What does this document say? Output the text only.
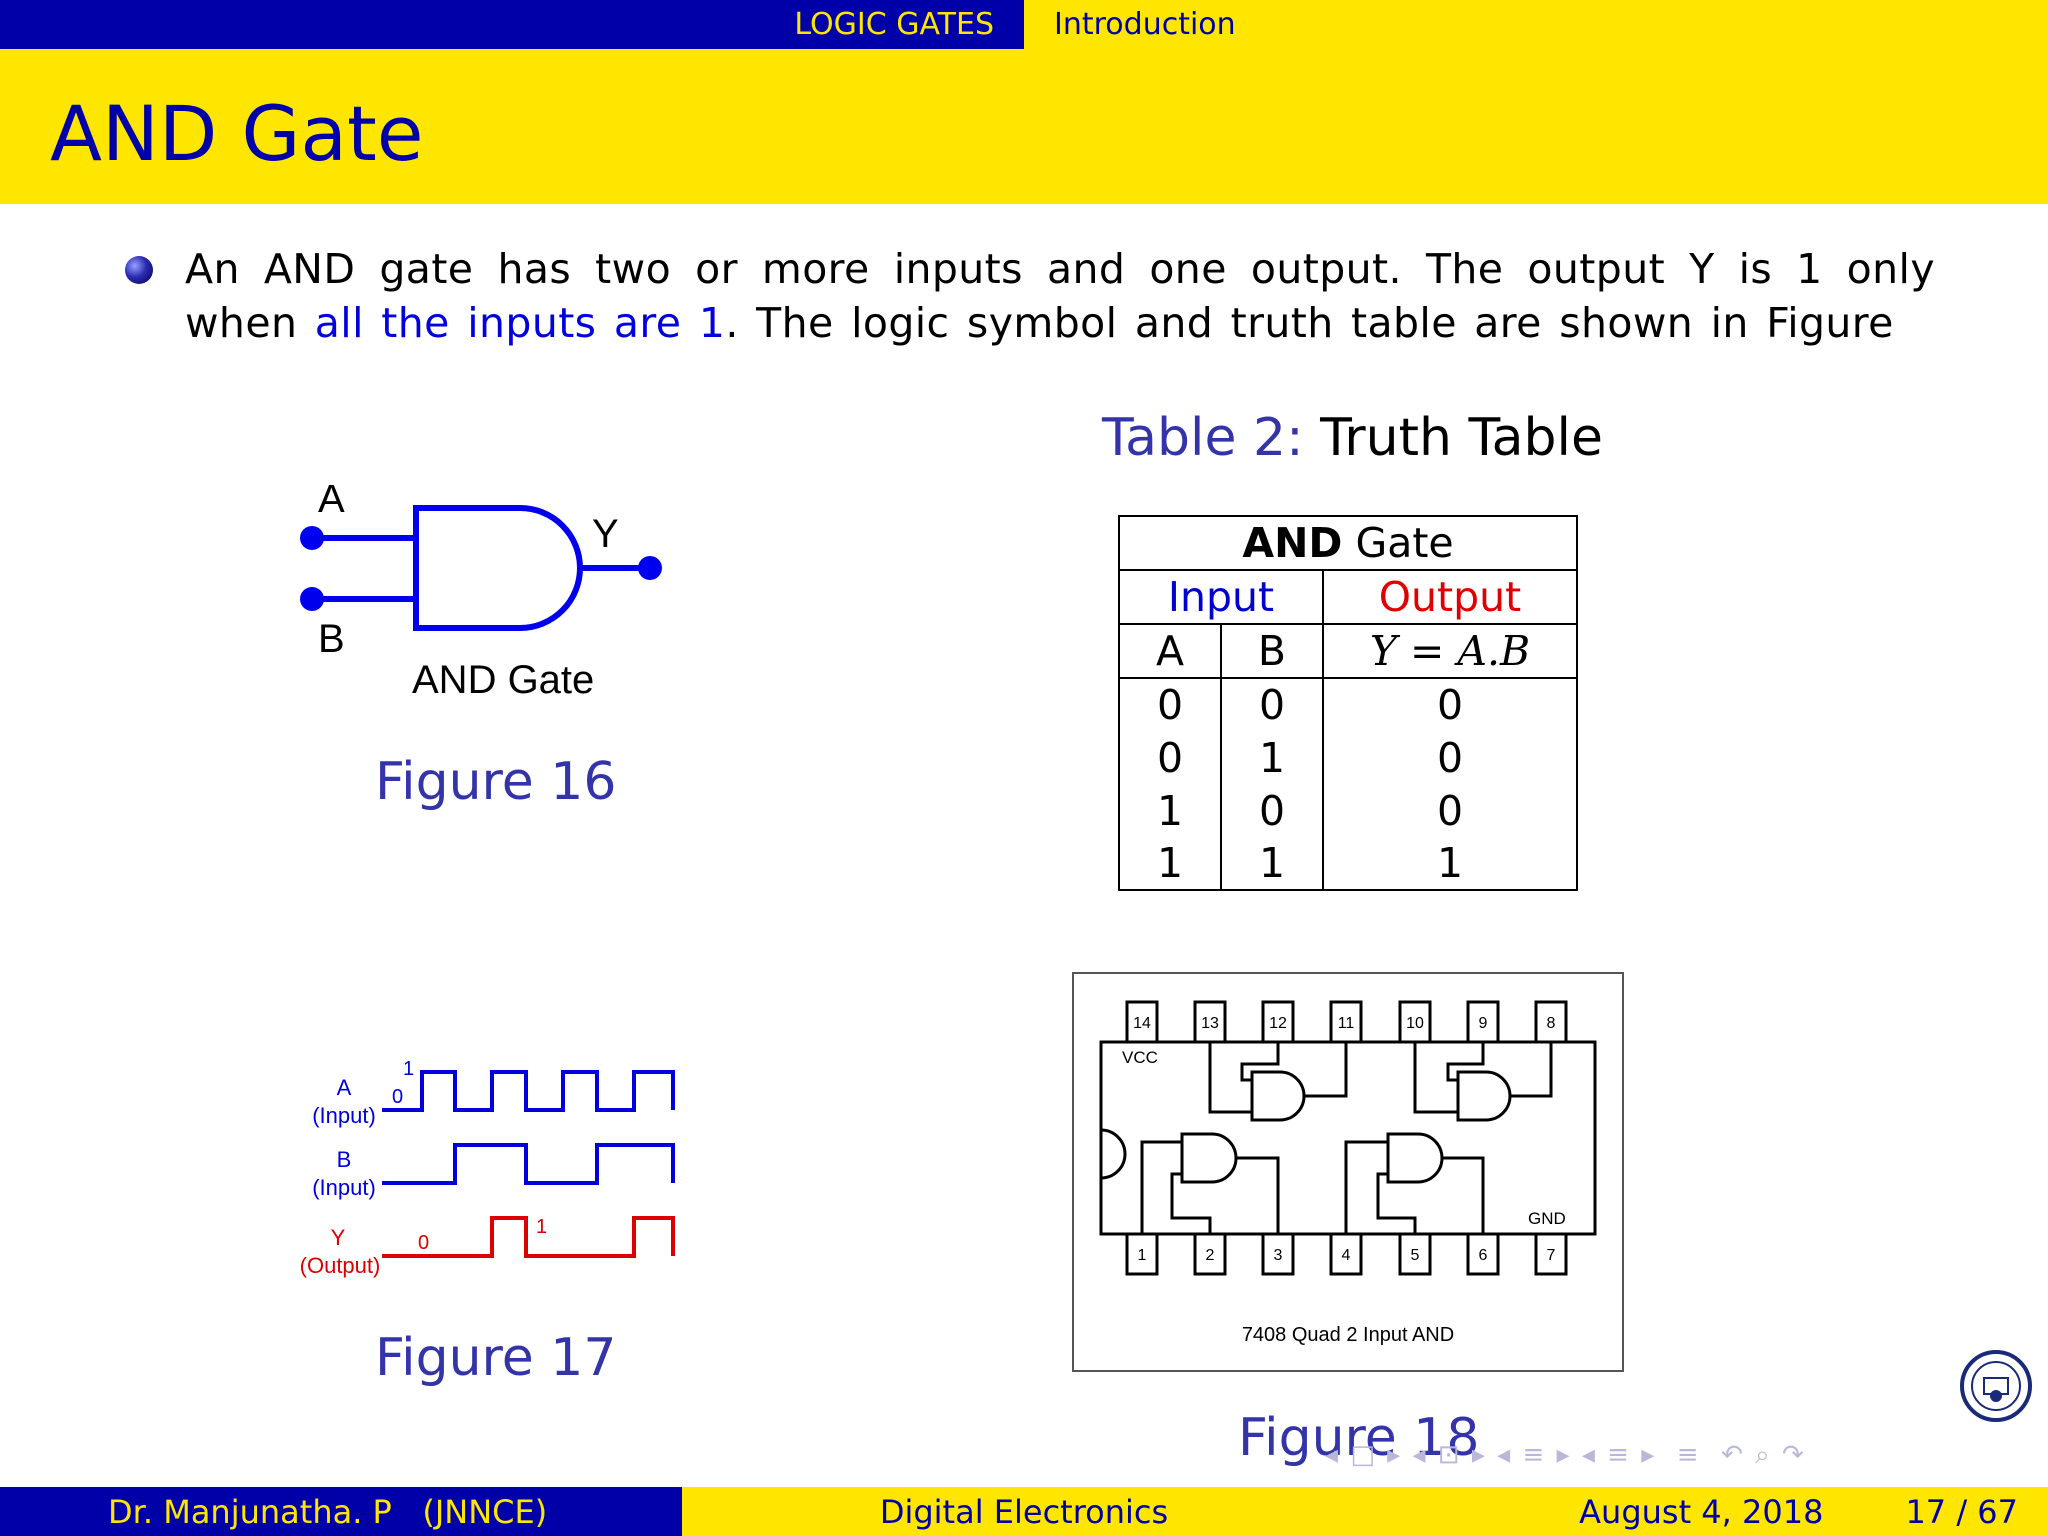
LOGIC GATES	Introduction
AND Gate

An AND gate has two or more inputs and one output. The output Y is 1 only when all the inputs are 1. The logic symbol and truth table are shown in Figure

A
B
Y
AND Gate
Figure 16
Table 2: Truth Table
AND Gate		
Input		Output
A	B	Y = A.B
0	0	0
0	1	0
1	0	0
1	1	1
A
(Input)
B
(Input)
Y
(Output)
1
0
0
1
Figure 17
14	13	12	11	10	9	8
1	2	3	4	5	6	7
VCC
GND
7408 Quad 2 Input AND
Figure 18
◂ □ ▸ ◂ ⊡ ▸ ◂ ≡ ▸ ◂ ≡ ▸  ≡  ↶ ⌕ ↷
Dr. Manjunatha. P   (JNNCE)	Digital Electronics	August 4, 2018	17 / 67
